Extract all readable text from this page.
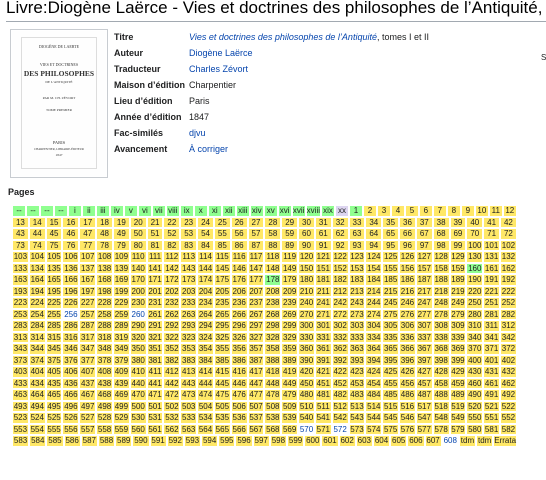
Livre:Diogène Laërce - Vies et doctrines des philosophes de l’Antiquité,
DIOGÈNE DE LAERTE
VIES ET DOCTRINES
DES PHILOSOPHES
DE L'ANTIQUITÉ
PAR M. CH. ZÉVORT
TOME PREMIER
PARIS
CHARPENTIER, LIBRAIRE-ÉDITEUR
1847
Titre	Vies et doctrines des philosophes de l’Antiquité, tomes I et II
Auteur	Diogène Laërce
Traducteur	Charles Zévort
Maison d’édition	Charpentier
Lieu d’édition	Paris
Année d’édition	1847
Fac-similés	djvu
Avancement	À corriger
S
Pages
--	--	--	--	i	ii	iii	iv	v	vi vii viii ix	x	xi xii xiii xiv xv xvi xvii xviii xix xx 1	2	3	4	5	6	7	8	9 10 11 12
13 14 15 16 17 18 19 20 21 22 23 24 25 26 27 28 29 30 31 32 33 34 35 36 37 38 39 40 41 42
43 44 45 46 47 48 49 50 51 52 53 54 55 56 57 58 59 60 61 62 63 64 65 66 67 68 69 70 71 72
73 74 75 76 77 78 79 80 81 82 83 84 85 86 87 88 89 90 91 92 93 94 95 96 97 98 99 100 101 102
103 104 105 106 107 108 109 110 111 112 113 114 115 116 117 118 119 120 121 122 123 124 125 126 127 128 129 130 131 132
133 134 135 136 137 138 139 140 141 142 143 144 145 146 147 148 149 150 151 152 153 154 155 156 157 158 159 160 161 162
163 164 165 166 167 168 169 170 171 172 173 174 175 176 177 178 179 180 181 182 183 184 185 186 187 188 189 190 191 192
193 194 195 196 197 198 199 200 201 202 203 204 205 206 207 208 209 210 211 212 213 214 215 216 217 218 219 220 221 222
223 224 225 226 227 228 229 230 231 232 233 234 235 236 237 238 239 240 241 242 243 244 245 246 247 248 249 250 251 252
253 254 255 256 257 258 259 260 261 262 263 264 265 266 267 268 269 270 271 272 273 274 275 276 277 278 279 280 281 282
283 284 285 286 287 288 289 290 291 292 293 294 295 296 297 298 299 300 301 302 303 304 305 306 307 308 309 310 311 312
313 314 315 316 317 318 319 320 321 322 323 324 325 326 327 328 329 330 331 332 333 334 335 336 337 338 339 340 341 342
343 344 345 346 347 348 349 350 351 352 353 354 355 356 357 358 359 360 361 362 363 364 365 366 367 368 369 370 371 372
373 374 375 376 377 378 379 380 381 382 383 384 385 386 387 388 389 390 391 392 393 394 395 396 397 398 399 400 401 402
403 404 405 406 407 408 409 410 411 412 413 414 415 416 417 418 419 420 421 422 423 424 425 426 427 428 429 430 431 432
433 434 435 436 437 438 439 440 441 442 443 444 445 446 447 448 449 450 451 452 453 454 455 456 457 458 459 460 461 462
463 464 465 466 467 468 469 470 471 472 473 474 475 476 477 478 479 480 481 482 483 484 485 486 487 488 489 490 491 492
493 494 495 496 497 498 499 500 501 502 503 504 505 506 507 508 509 510 511 512 513 514 515 516 517 518 519 520 521 522
523 524 525 526 527 528 529 530 531 532 533 534 535 536 537 538 539 540 541 542 543 544 545 546 547 548 549 550 551 552
553 554 555 556 557 558 559 560 561 562 563 564 565 566 567 568 569 570 571 572 573 574 575 576 577 578 579 580 581 582
583 584 585 586 587 588 589 590 591 592 593 594 595 596 597 598 599 600 601 602 603 604 605 606 607 608 tdm tdm Errata
